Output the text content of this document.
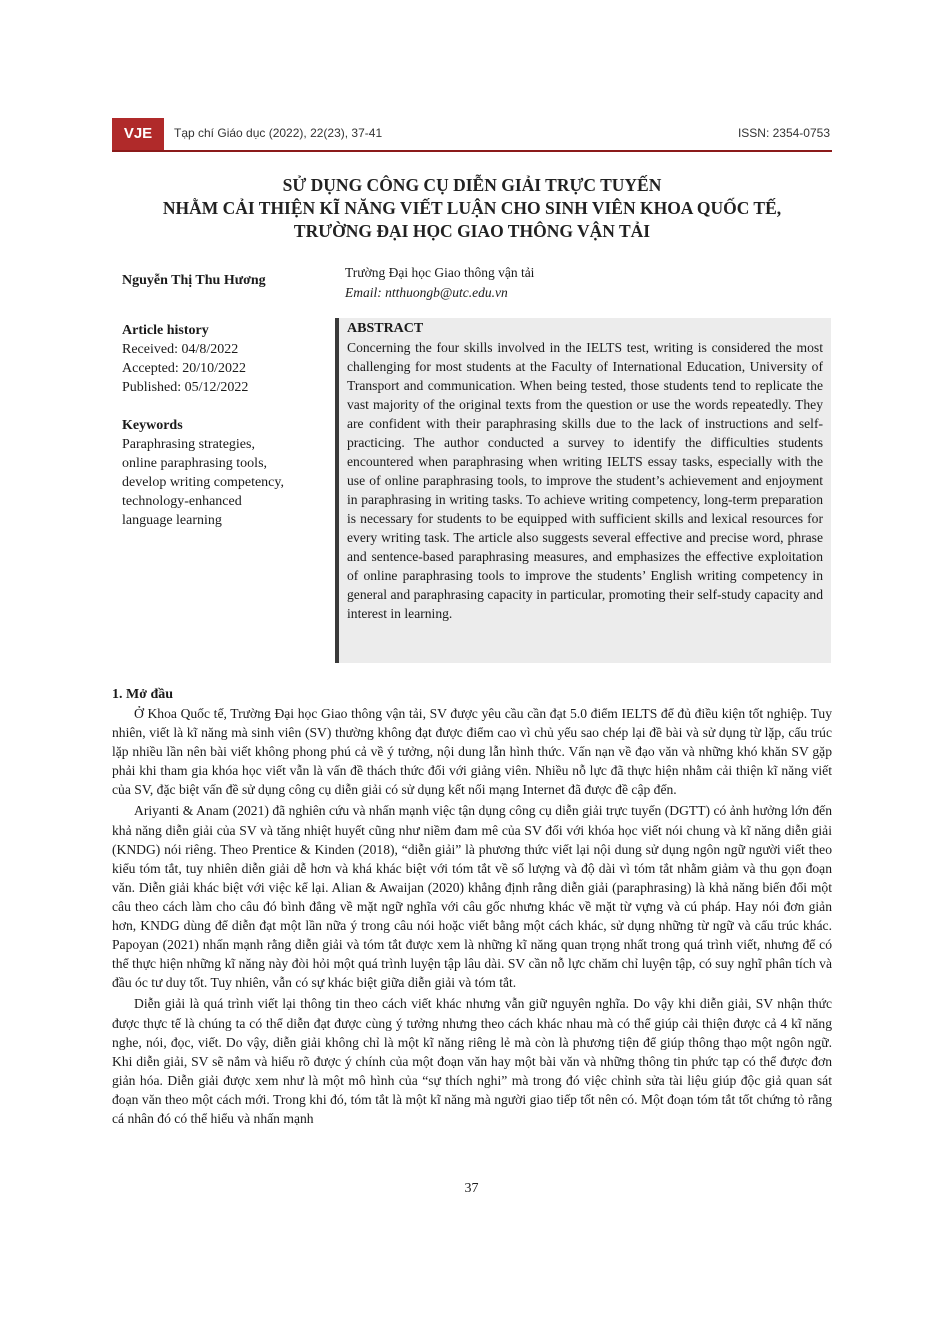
VJE	Tạp chí Giáo dục (2022), 22(23), 37-41	ISSN: 2354-0753
SỬ DỤNG CÔNG CỤ DIỄN GIẢI TRỰC TUYẾN
NHẰM CẢI THIỆN KĨ NĂNG VIẾT LUẬN CHO SINH VIÊN KHOA QUỐC TẾ,
TRƯỜNG ĐẠI HỌC GIAO THÔNG VẬN TẢI
Nguyễn Thị Thu Hương
Trường Đại học Giao thông vận tải
Email: ntthuongb@utc.edu.vn
Article history
Received: 04/8/2022
Accepted: 20/10/2022
Published: 05/12/2022
Keywords
Paraphrasing strategies,
online paraphrasing tools,
develop writing competency,
technology-enhanced
language learning
ABSTRACT
Concerning the four skills involved in the IELTS test, writing is considered the most challenging for most students at the Faculty of International Education, University of Transport and communication. When being tested, those students tend to replicate the vast majority of the original texts from the question or use the words repeatedly. They are confident with their paraphrasing skills due to the lack of instructions and self-practicing. The author conducted a survey to identify the difficulties students encountered when paraphrasing when writing IELTS essay tasks, especially with the use of online paraphrasing tools, to improve the student’s achievement and enjoyment in paraphrasing in writing tasks. To achieve writing competency, long-term preparation is necessary for students to be equipped with sufficient skills and lexical resources for every writing task. The article also suggests several effective and precise word, phrase and sentence-based paraphrasing measures, and emphasizes the effective exploitation of online paraphrasing tools to improve the students’ English writing competency in general and paraphrasing capacity in particular, promoting their self-study capacity and interest in learning.
1. Mở đầu

Ở Khoa Quốc tế, Trường Đại học Giao thông vận tải, SV được yêu cầu cần đạt 5.0 điểm IELTS để đủ điều kiện tốt nghiệp. Tuy nhiên, viết là kĩ năng mà sinh viên (SV) thường không đạt được điểm cao vì chủ yếu sao chép lại đề bài và sử dụng từ lặp, cấu trúc lặp nhiều lần nên bài viết không phong phú cả về ý tưởng, nội dung lẫn hình thức. Vấn nạn về đạo văn và những khó khăn SV gặp phải khi tham gia khóa học viết vẫn là vấn đề thách thức đối với giảng viên. Nhiều nỗ lực đã thực hiện nhằm cải thiện kĩ năng viết của SV, đặc biệt vấn đề sử dụng công cụ diễn giải có sử dụng kết nối mạng Internet đã được đề cập đến.

Ariyanti & Anam (2021) đã nghiên cứu và nhấn mạnh việc tận dụng công cụ diễn giải trực tuyến (DGTT) có ảnh hưởng lớn đến khả năng diễn giải của SV và tăng nhiệt huyết cũng như niềm đam mê của SV đối với khóa học viết nói chung và kĩ năng diễn giải (KNDG) nói riêng. Theo Prentice & Kinden (2018), “diễn giải” là phương thức viết lại nội dung sử dụng ngôn ngữ người viết theo kiểu tóm tắt, tuy nhiên diễn giải dễ hơn và khá khác biệt với tóm tắt về số lượng và độ dài vì tóm tắt nhằm giảm và thu gọn đoạn văn. Diễn giải khác biệt với việc kể lại. Alian & Awaijan (2020) khẳng định rằng diễn giải (paraphrasing) là khả năng biến đổi một câu theo cách làm cho câu đó bình đẳng về mặt ngữ nghĩa với câu gốc nhưng khác về mặt từ vựng và cú pháp. Hay nói đơn giản hơn, KNDG dùng để diễn đạt một lần nữa ý trong câu nói hoặc viết bằng một cách khác, sử dụng những từ ngữ và cấu trúc khác. Papoyan (2021) nhấn mạnh rằng diễn giải và tóm tắt được xem là những kĩ năng quan trọng nhất trong quá trình viết, nhưng để có thể thực hiện những kĩ năng này đòi hỏi một quá trình luyện tập lâu dài. SV cần nỗ lực chăm chỉ luyện tập, có suy nghĩ phân tích và đầu óc tư duy tốt. Tuy nhiên, vẫn có sự khác biệt giữa diễn giải và tóm tắt.

Diễn giải là quá trình viết lại thông tin theo cách viết khác nhưng vẫn giữ nguyên nghĩa. Do vậy khi diễn giải, SV nhận thức được thực tế là chúng ta có thể diễn đạt được cùng ý tưởng nhưng theo cách khác nhau mà có thể giúp cải thiện được cả 4 kĩ năng nghe, nói, đọc, viết. Do vậy, diễn giải không chỉ là một kĩ năng riêng lẻ mà còn là phương tiện để giúp thông thạo một ngôn ngữ. Khi diễn giải, SV sẽ nắm và hiểu rõ được ý chính của một đoạn văn hay một bài văn và những thông tin phức tạp có thể được đơn giản hóa. Diễn giải được xem như là một mô hình của “sự thích nghi” mà trong đó việc chỉnh sửa tài liệu giúp độc giả quan sát đoạn văn theo một cách mới. Trong khi đó, tóm tắt là một kĩ năng mà người giao tiếp tốt nên có. Một đoạn tóm tắt tốt chứng tỏ rằng cá nhân đó có thể hiểu và nhấn mạnh

37
